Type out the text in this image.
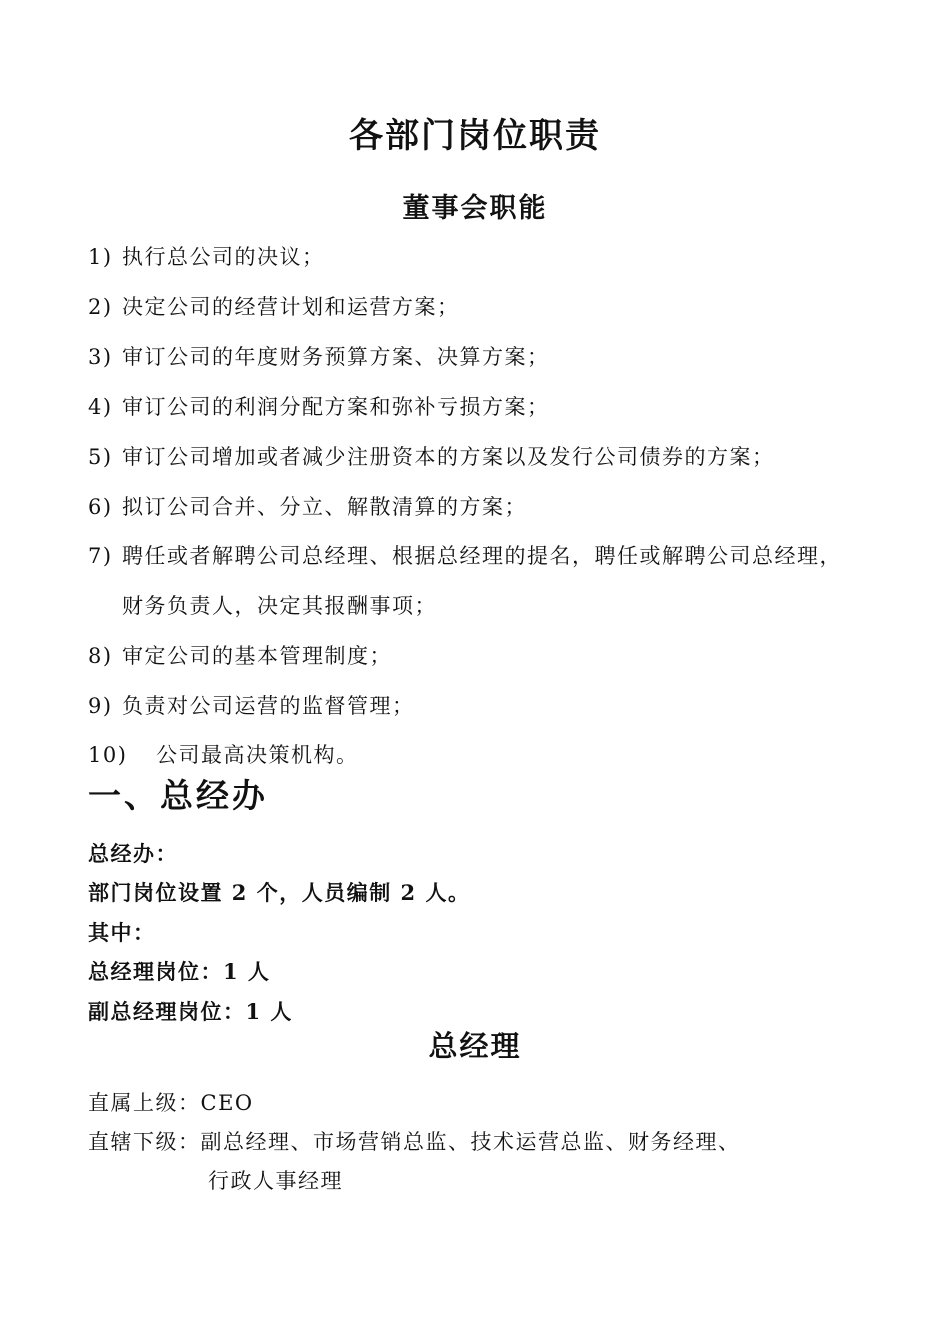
各部门岗位职责
董事会职能
1) 执行总公司的决议；
2) 决定公司的经营计划和运营方案；
3) 审订公司的年度财务预算方案、决算方案；
4) 审订公司的利润分配方案和弥补亏损方案；
5) 审订公司增加或者减少注册资本的方案以及发行公司债券的方案；
6) 拟订公司合并、分立、解散清算的方案；
7) 聘任或者解聘公司总经理、根据总经理的提名，聘任或解聘公司总经理，
财务负责人，决定其报酬事项；
8) 审定公司的基本管理制度；
9) 负责对公司运营的监督管理；
10) 公司最高决策机构。
一、总经办
总经办：
部门岗位设置 2 个，人员编制 2 人。
其中：
总经理岗位：1 人
副总经理岗位：1 人
总经理
直属上级：CEO
直辖下级：副总经理、市场营销总监、技术运营总监、财务经理、
行政人事经理
